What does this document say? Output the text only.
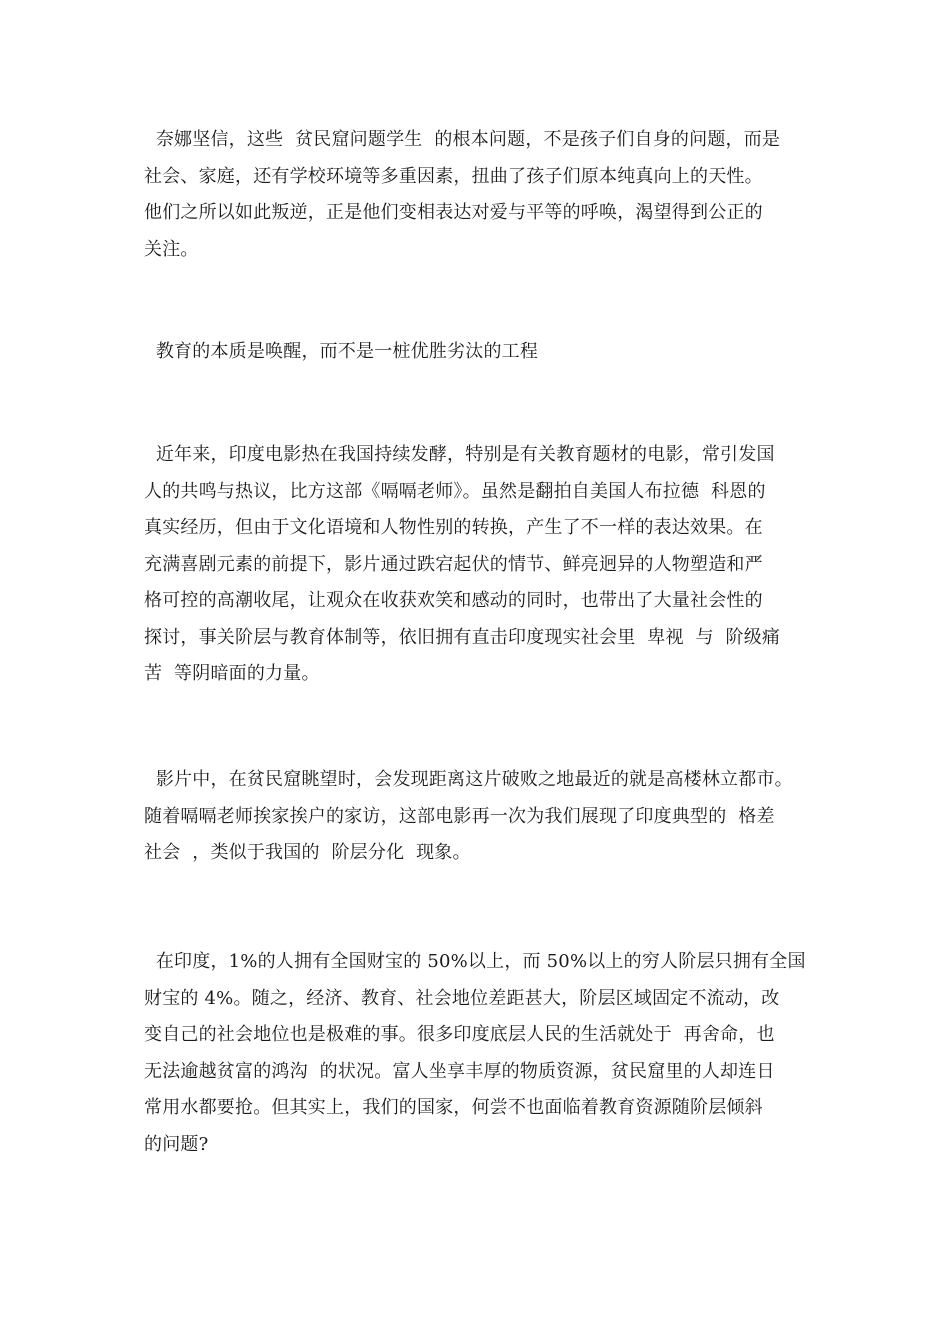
奈娜坚信，这些  贫民窟问题学生  的根本问题，不是孩子们自身的问题，而是
社会、家庭，还有学校环境等多重因素，扭曲了孩子们原本纯真向上的天性。
他们之所以如此叛逆，正是他们变相表达对爱与平等的呼唤，渴望得到公正的
关注。
教育的本质是唤醒，而不是一桩优胜劣汰的工程
近年来，印度电影热在我国持续发酵，特别是有关教育题材的电影，常引发国
人的共鸣与热议，比方这部《嗝嗝老师》。虽然是翻拍自美国人布拉德  科恩的
真实经历，但由于文化语境和人物性别的转换，产生了不一样的表达效果。在
充满喜剧元素的前提下，影片通过跌宕起伏的情节、鲜亮迥异的人物塑造和严
格可控的高潮收尾，让观众在收获欢笑和感动的同时，也带出了大量社会性的
探讨，事关阶层与教育体制等，依旧拥有直击印度现实社会里  卑视  与  阶级痛
苦  等阴暗面的力量。
影片中，在贫民窟眺望时，会发现距离这片破败之地最近的就是高楼林立都市。
随着嗝嗝老师挨家挨户的家访，这部电影再一次为我们展现了印度典型的  格差
社会  ，类似于我国的  阶层分化  现象。
在印度，1%的人拥有全国财宝的 50%以上，而 50%以上的穷人阶层只拥有全国
财宝的 4%。随之，经济、教育、社会地位差距甚大，阶层区域固定不流动，改
变自己的社会地位也是极难的事。很多印度底层人民的生活就处于  再舍命，也
无法逾越贫富的鸿沟  的状况。富人坐享丰厚的物质资源，贫民窟里的人却连日
常用水都要抢。但其实上，我们的国家，何尝不也面临着教育资源随阶层倾斜
的问题?
